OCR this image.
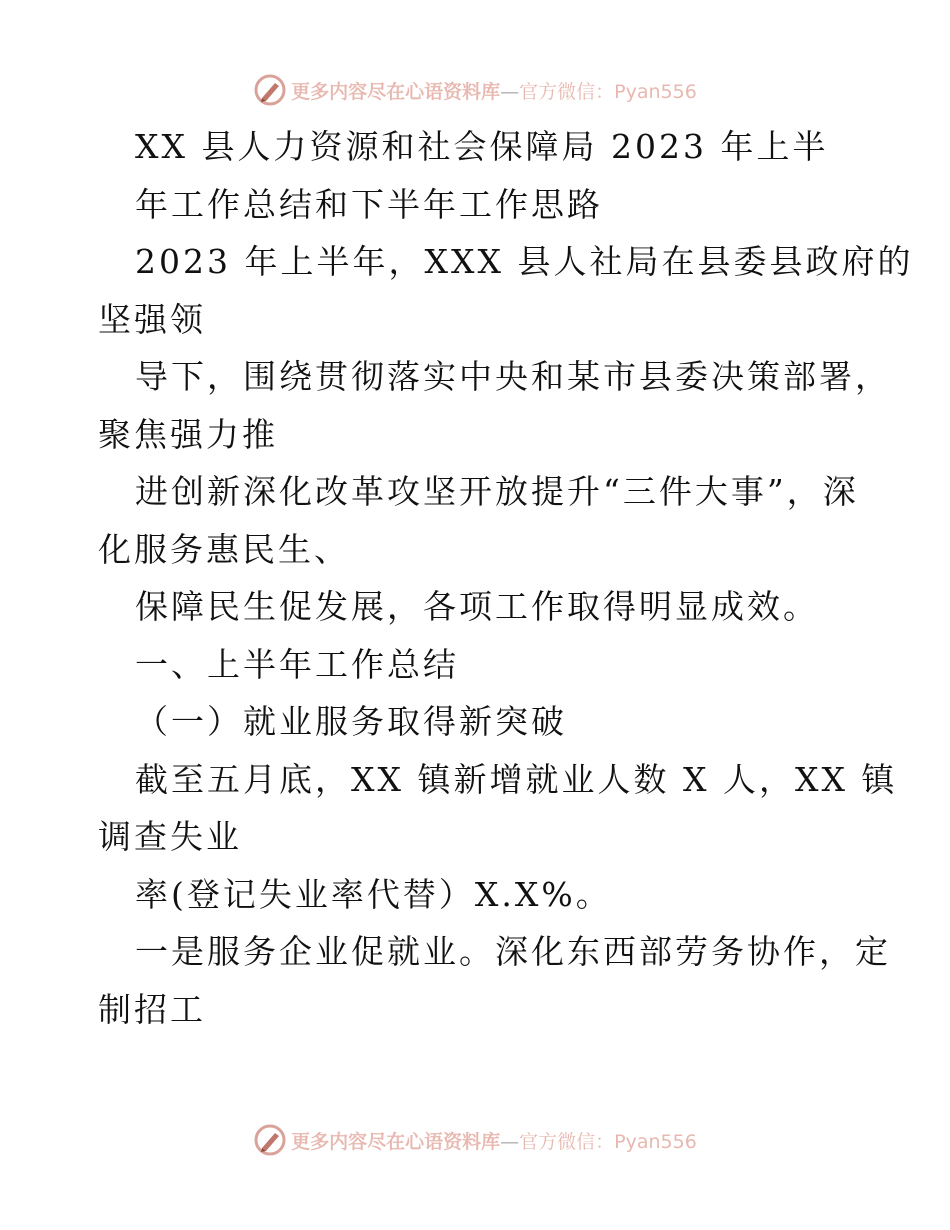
更多内容尽在心语资料库—官方微信：Pyan556
XX 县人力资源和社会保障局 2023 年上半
年工作总结和下半年工作思路
2023 年上半年，XXX 县人社局在县委县政府的
坚强领
导下，围绕贯彻落实中央和某市县委决策部署，
聚焦强力推
进创新深化改革攻坚开放提升“三件大事”，深
化服务惠民生、
保障民生促发展，各项工作取得明显成效。
一、上半年工作总结
（一）就业服务取得新突破
截至五月底，XX 镇新增就业人数 X 人，XX 镇
调查失业
率(登记失业率代替）X.X%。
一是服务企业促就业。深化东西部劳务协作，定
制招工
更多内容尽在心语资料库—官方微信：Pyan556
